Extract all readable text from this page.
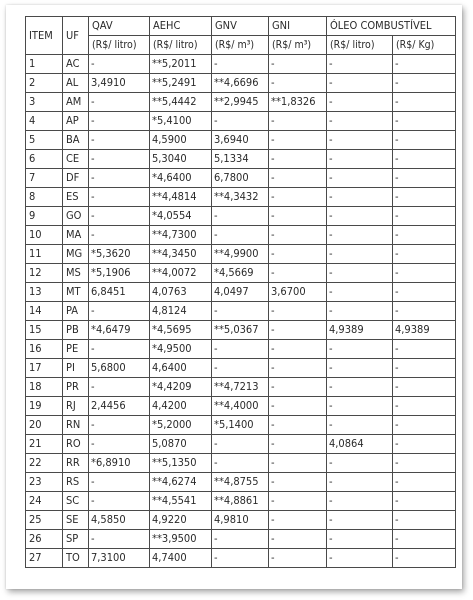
ITEM	UF	QAV	AEHC	GNV	GNI	ÓLEO COMBUSTÍVEL	
		(R$/ litro)	(R$/ litro)	(R$/ m³)	(R$/ m³)	(R$/ litro)	(R$/ Kg)
1	AC	-	**5,2011	-	-	-	-
2	AL	3,4910	**5,2491	**4,6696	-	-	-
3	AM	-	**5,4442	**2,9945	**1,8326	-	-
4	AP	-	*5,4100	-	-	-	-
5	BA	-	4,5900	3,6940	-	-	-
6	CE	-	5,3040	5,1334	-	-	-
7	DF	-	*4,6400	6,7800	-	-	-
8	ES	-	**4,4814	**4,3432	-	-	-
9	GO	-	*4,0554	-	-	-	-
10	MA	-	**4,7300	-	-	-	-
11	MG	*5,3620	**4,3450	**4,9900	-	-	-
12	MS	*5,1906	**4,0072	*4,5669	-	-	-
13	MT	6,8451	4,0763	4,0497	3,6700	-	-
14	PA	-	4,8124	-	-	-	-
15	PB	*4,6479	*4,5695	**5,0367	-	4,9389	4,9389
16	PE	-	*4,9500	-	-	-	-
17	PI	5,6800	4,6400	-	-	-	-
18	PR	-	*4,4209	**4,7213	-	-	-
19	RJ	2,4456	4,4200	**4,4000	-	-	-
20	RN	-	*5,2000	*5,1400	-	-	-
21	RO	-	5,0870	-	-	4,0864	-
22	RR	*6,8910	**5,1350	-	-	-	-
23	RS	-	**4,6274	**4,8755	-	-	-
24	SC	-	**4,5541	**4,8861	-	-	-
25	SE	4,5850	4,9220	4,9810	-	-	-
26	SP	-	**3,9500	-	-	-	-
27	TO	7,3100	4,7400	-	-	-	-
